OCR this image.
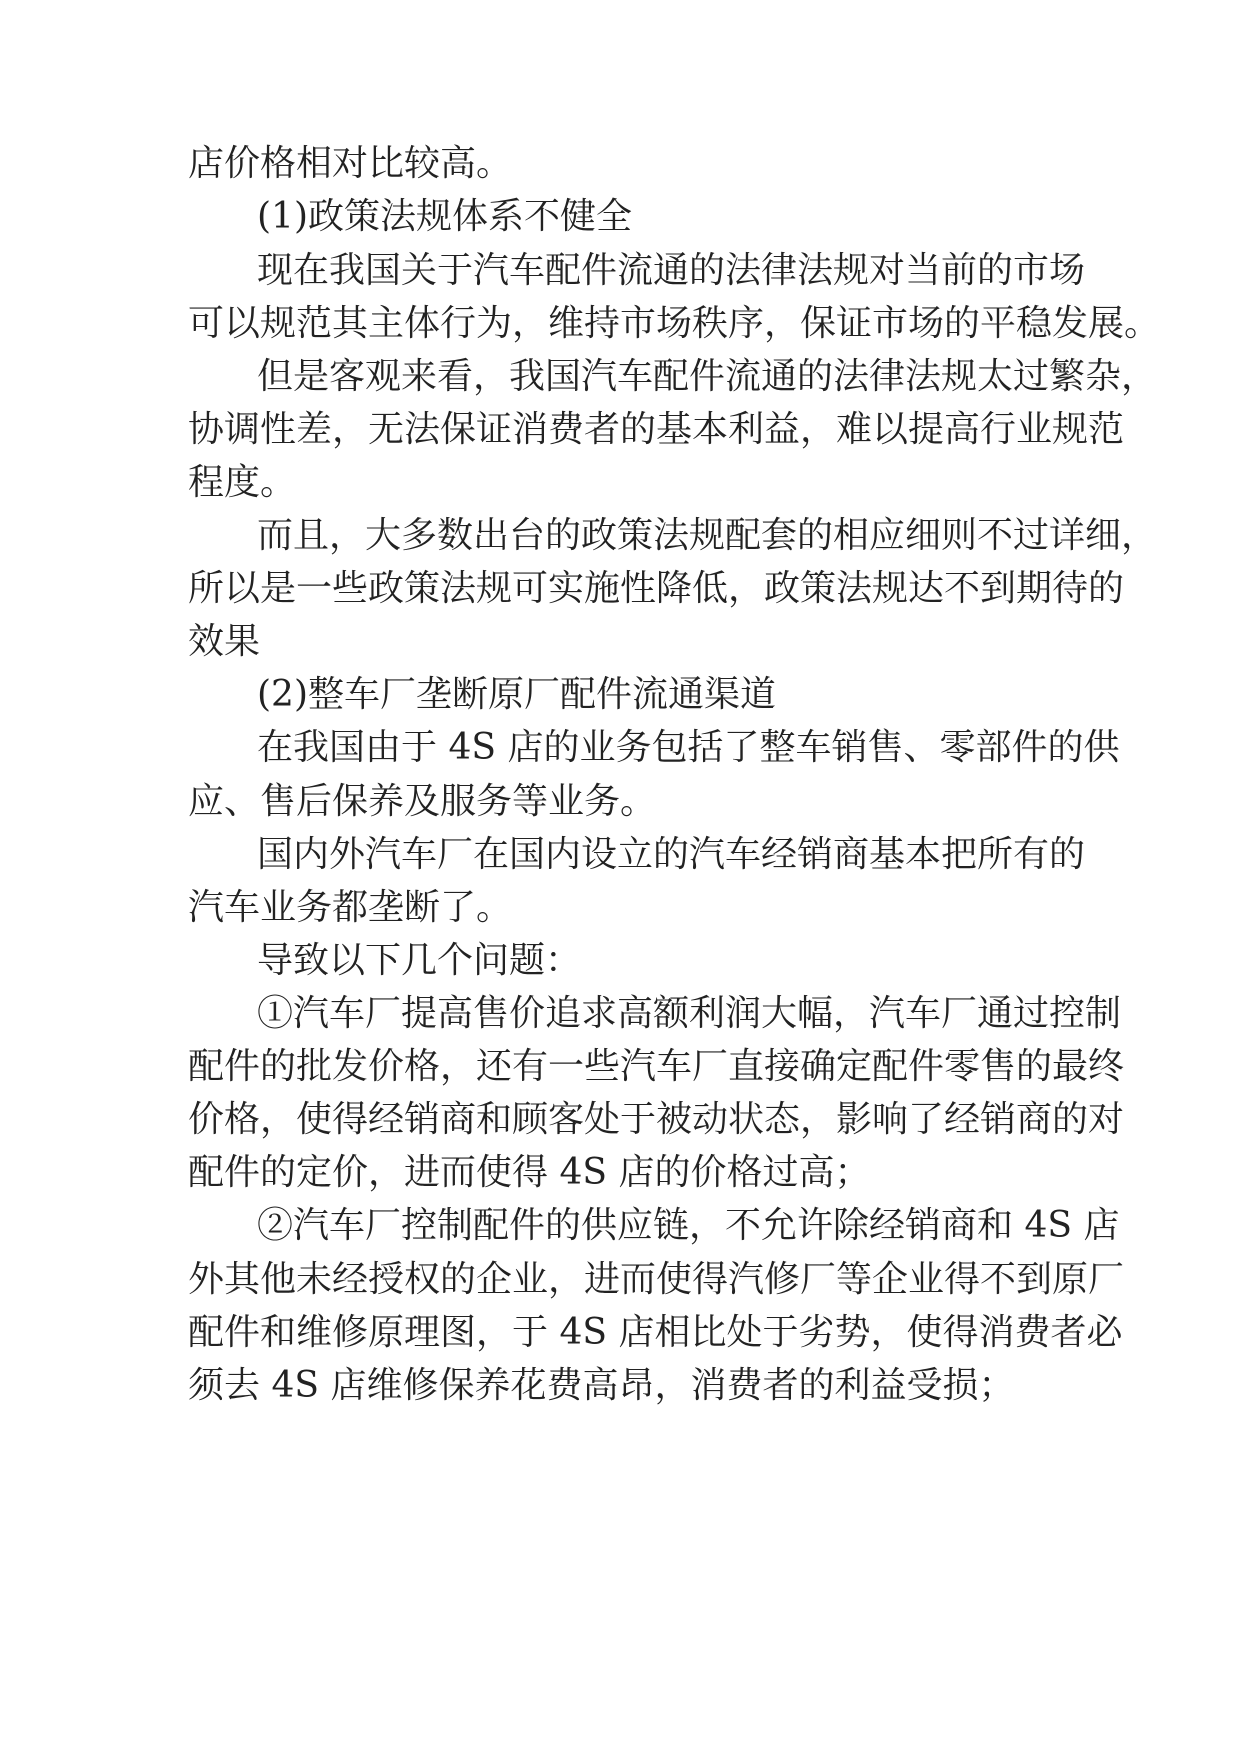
店价格相对比较高。
(1)政策法规体系不健全
现在我国关于汽车配件流通的法律法规对当前的市场
可以规范其主体行为，维持市场秩序，保证市场的平稳发展。
但是客观来看，我国汽车配件流通的法律法规太过繁杂，
协调性差，无法保证消费者的基本利益，难以提高行业规范
程度。
而且，大多数出台的政策法规配套的相应细则不过详细，
所以是一些政策法规可实施性降低，政策法规达不到期待的
效果
(2)整车厂垄断原厂配件流通渠道
在我国由于 4S 店的业务包括了整车销售、零部件的供
应、售后保养及服务等业务。
国内外汽车厂在国内设立的汽车经销商基本把所有的
汽车业务都垄断了。
导致以下几个问题：
①汽车厂提高售价追求高额利润大幅，汽车厂通过控制
配件的批发价格，还有一些汽车厂直接确定配件零售的最终
价格，使得经销商和顾客处于被动状态，影响了经销商的对
配件的定价，进而使得 4S 店的价格过高；
②汽车厂控制配件的供应链，不允许除经销商和 4S 店
外其他未经授权的企业，进而使得汽修厂等企业得不到原厂
配件和维修原理图，于 4S 店相比处于劣势，使得消费者必
须去 4S 店维修保养花费高昂，消费者的利益受损；
